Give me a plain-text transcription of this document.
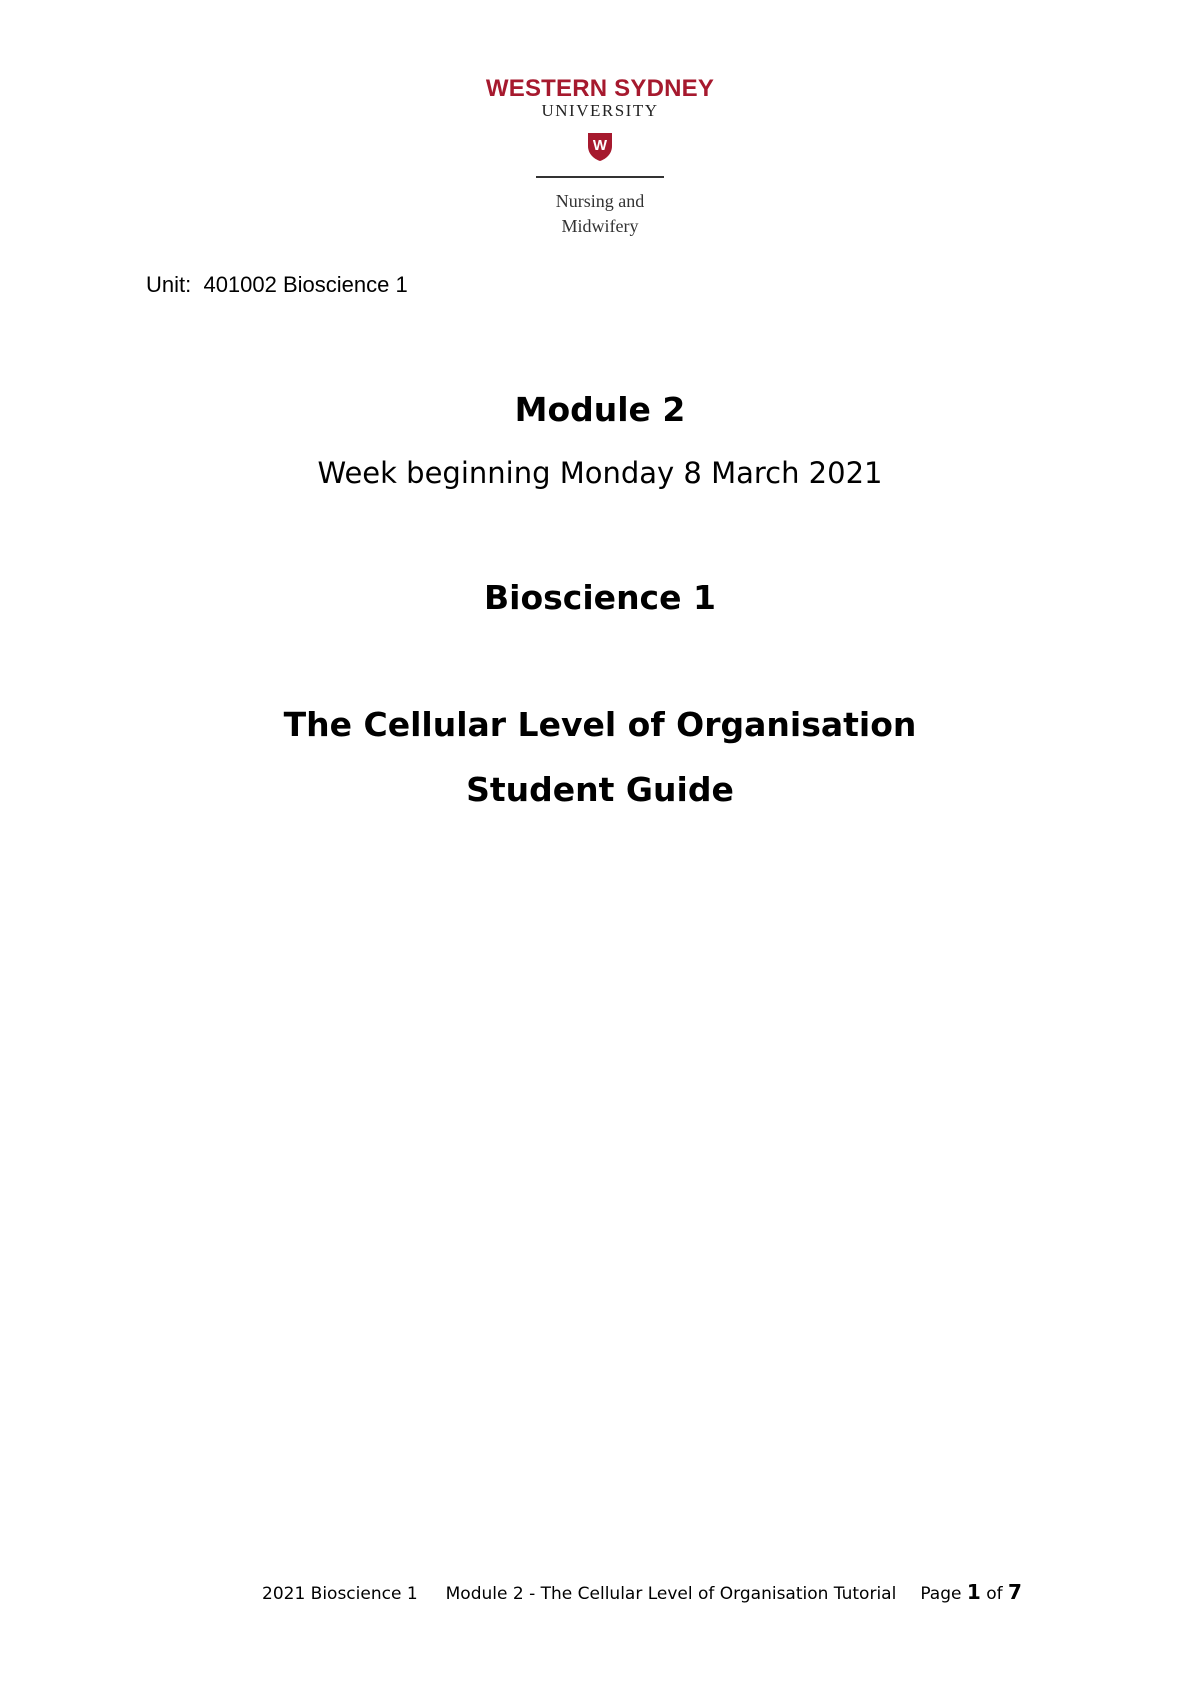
WESTERN SYDNEY
UNIVERSITY
W
Nursing and
Midwifery
Unit:  401002 Bioscience 1
Module 2
Week beginning Monday 8 March 2021
Bioscience 1
The Cellular Level of Organisation
Student Guide
2021 Bioscience 1 Module 2 - The Cellular Level of Organisation Tutorial Page 1 of 7
